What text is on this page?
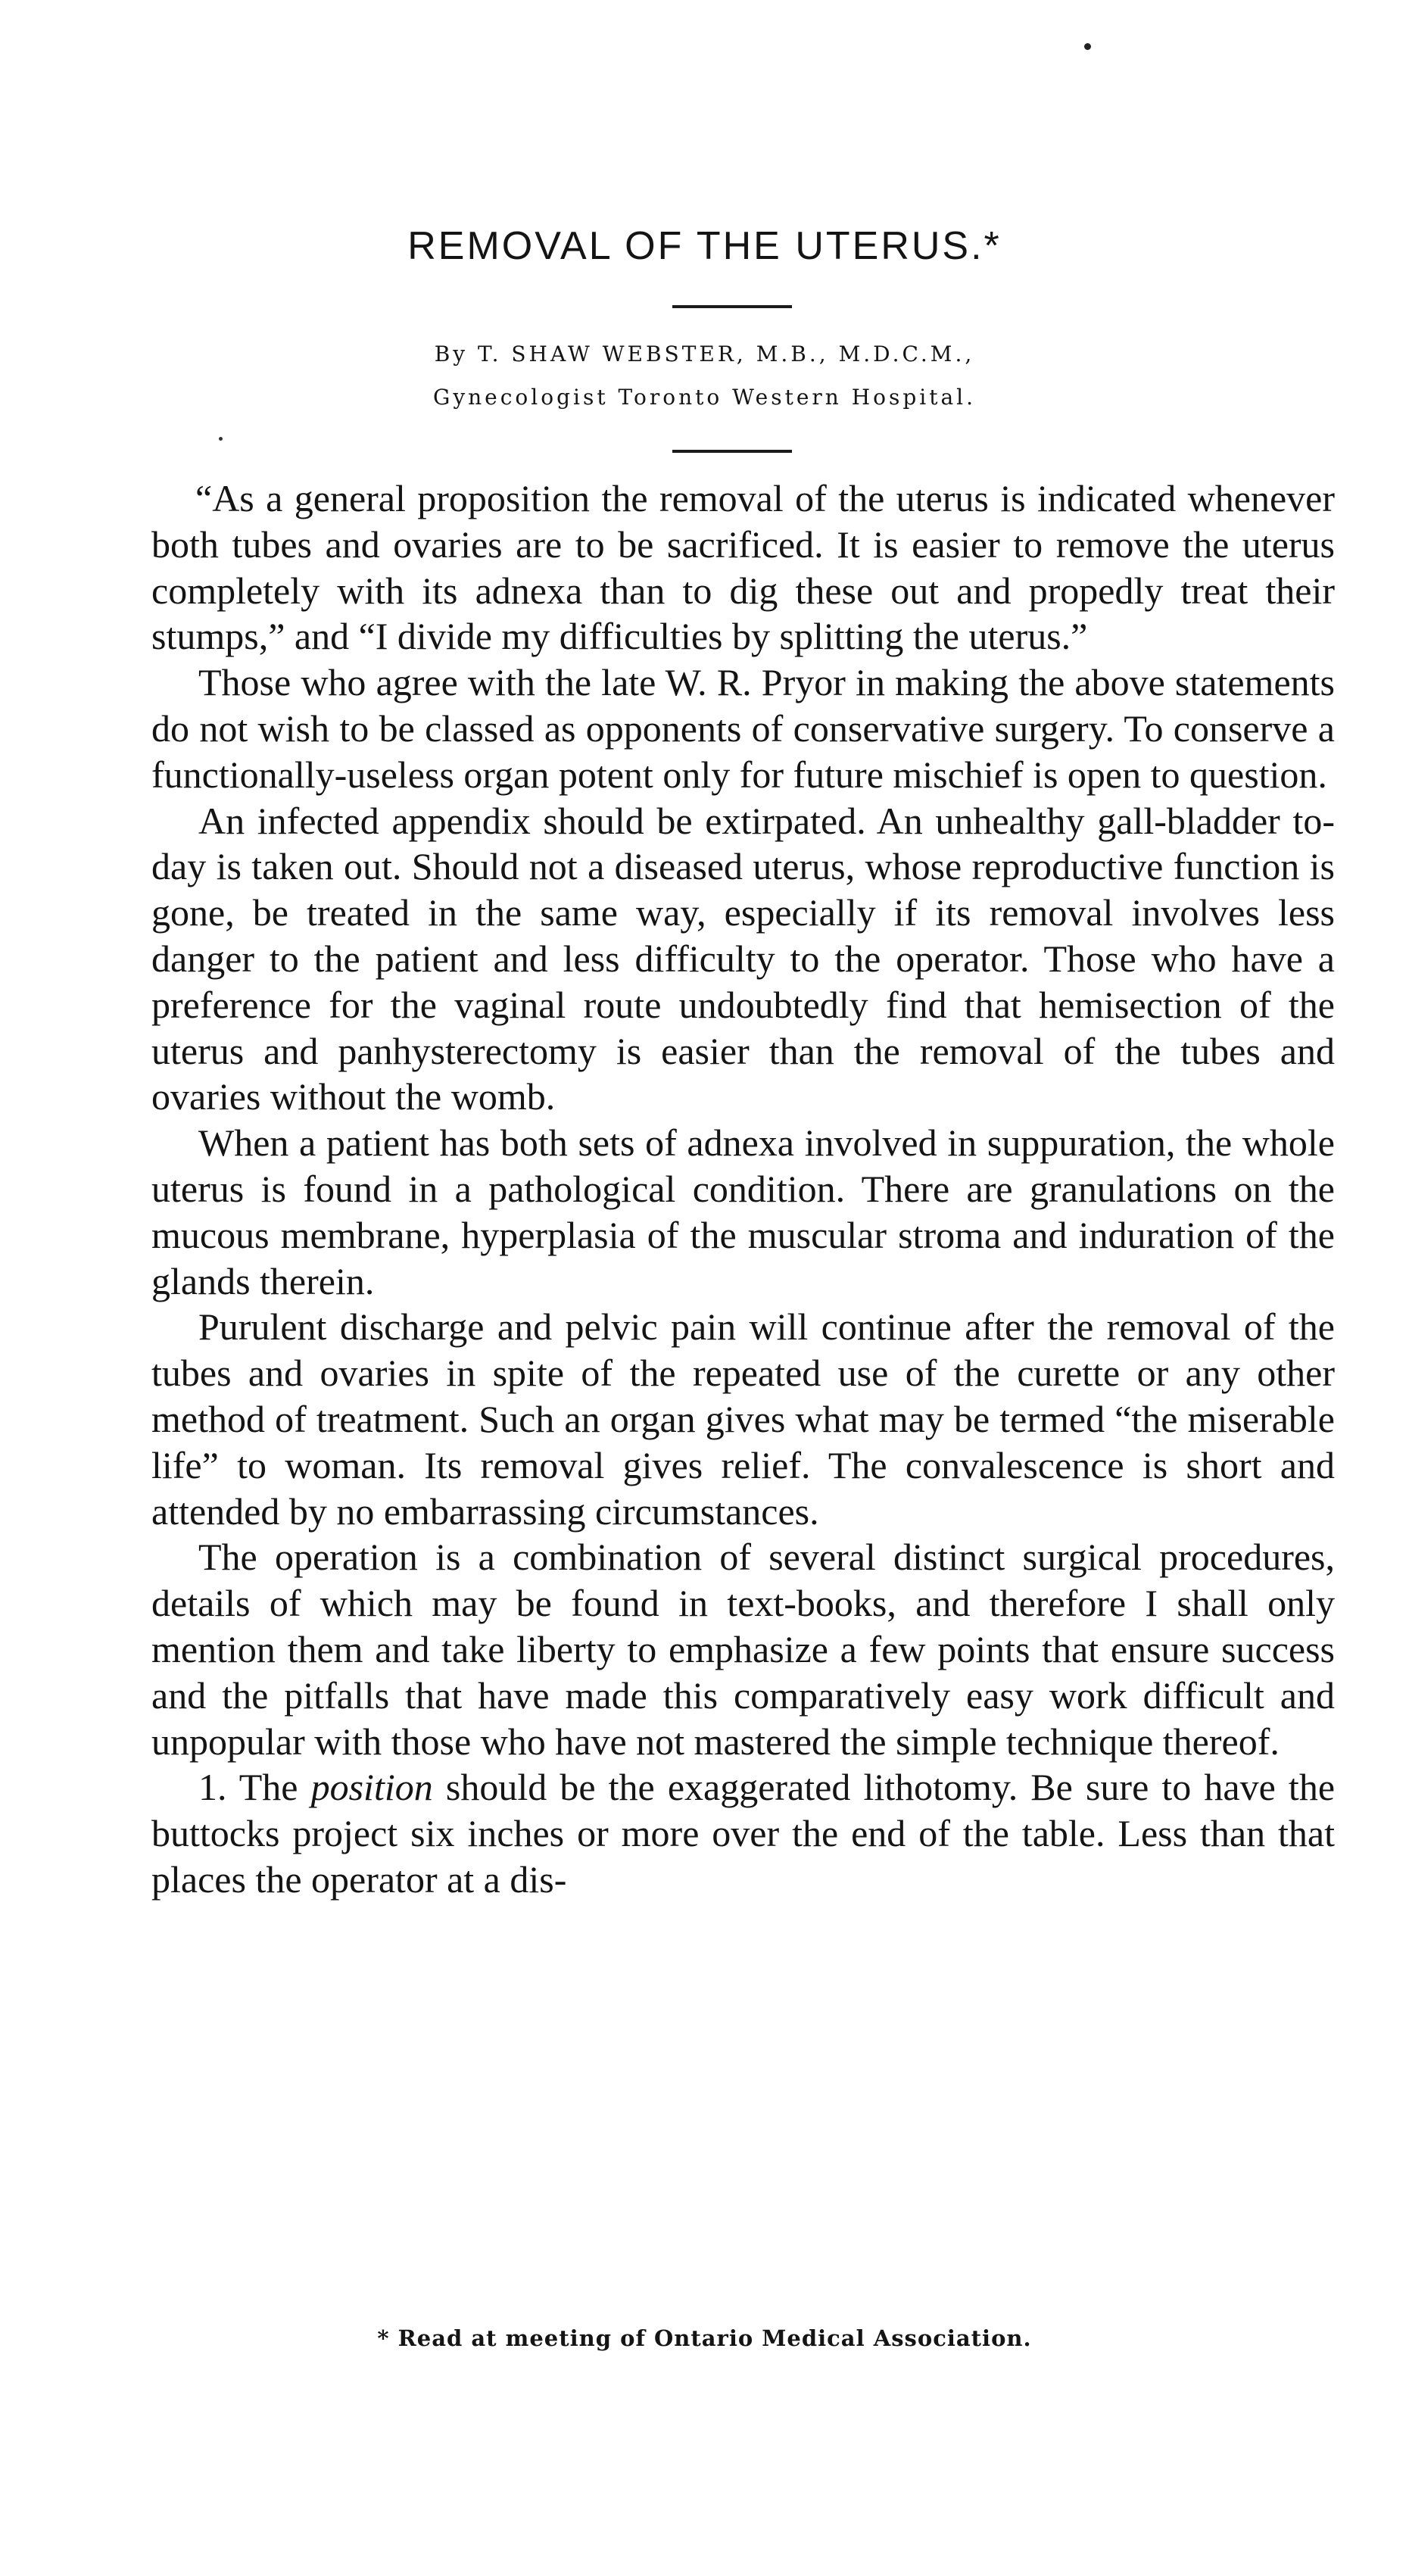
REMOVAL OF THE UTERUS.*
By T. SHAW WEBSTER, M.B., M.D.C.M.,
Gynecologist Toronto Western Hospital.

“As a general proposition the removal of the uterus is indicated whenever both tubes and ovaries are to be sacrificed. It is easier to remove the uterus completely with its adnexa than to dig these out and propedly treat their stumps,” and “I divide my difficulties by splitting the uterus.”

Those who agree with the late W. R. Pryor in making the above statements do not wish to be classed as opponents of conservative surgery. To conserve a functionally-useless organ potent only for future mischief is open to question.

An infected appendix should be extirpated. An unhealthy gall-bladder to-day is taken out. Should not a diseased uterus, whose reproductive function is gone, be treated in the same way, especially if its removal involves less danger to the patient and less difficulty to the operator. Those who have a preference for the vaginal route undoubtedly find that hemisection of the uterus and panhysterectomy is easier than the removal of the tubes and ovaries without the womb.

When a patient has both sets of adnexa involved in suppuration, the whole uterus is found in a pathological condition. There are granulations on the mucous membrane, hyperplasia of the muscular stroma and induration of the glands therein.

Purulent discharge and pelvic pain will continue after the removal of the tubes and ovaries in spite of the repeated use of the curette or any other method of treatment. Such an organ gives what may be termed “the miserable life” to woman. Its removal gives relief. The convalescence is short and attended by no embarrassing circumstances.

The operation is a combination of several distinct surgical procedures, details of which may be found in text-books, and therefore I shall only mention them and take liberty to emphasize a few points that ensure success and the pitfalls that have made this comparatively easy work difficult and unpopular with those who have not mastered the simple technique thereof.

1. The position should be the exaggerated lithotomy. Be sure to have the buttocks project six inches or more over the end of the table. Less than that places the operator at a dis-

* Read at meeting of Ontario Medical Association.
